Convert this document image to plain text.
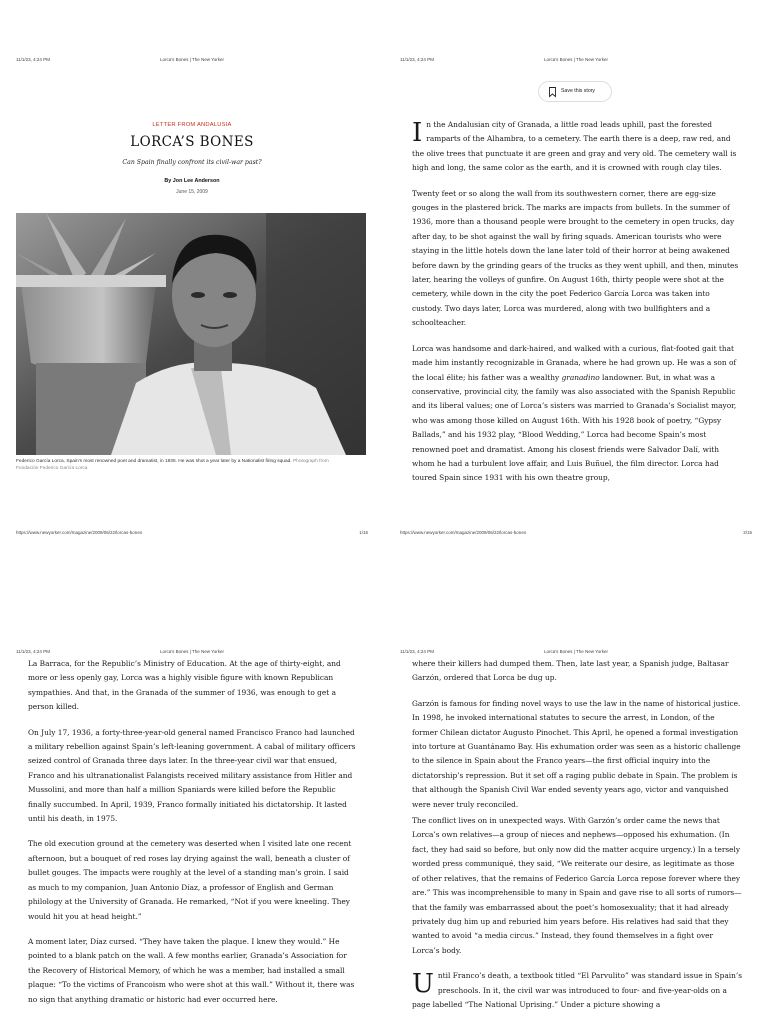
11/1/23, 4:24 PM	Lorca’s Bones | The New Yorker
LETTER FROM ANDALUSIA
LORCA’S BONES
Can Spain finally confront its civil-war past?
By Jon Lee Anderson
June 15, 2009
Federico García Lorca, Spain’s most renowned poet and dramatist, in 1935. He was shot a year later by a Nationalist firing squad. Photograph from Fundación Federico García Lorca
https://www.newyorker.com/magazine/2009/06/22/lorcas-bones	1/15
11/1/23, 4:24 PM	Lorca’s Bones | The New Yorker
Save this story

In the Andalusian city of Granada, a little road leads uphill, past the forested ramparts of the Alhambra, to a cemetery. The earth there is a deep, raw red, and the olive trees that punctuate it are green and gray and very old. The cemetery wall is high and long, the same color as the earth, and it is crowned with rough clay tiles.

Twenty feet or so along the wall from its southwestern corner, there are egg-size gouges in the plastered brick. The marks are impacts from bullets. In the summer of 1936, more than a thousand people were brought to the cemetery in open trucks, day after day, to be shot against the wall by firing squads. American tourists who were staying in the little hotels down the lane later told of their horror at being awakened before dawn by the grinding gears of the trucks as they went uphill, and then, minutes later, hearing the volleys of gunfire. On August 16th, thirty people were shot at the cemetery, while down in the city the poet Federico García Lorca was taken into custody. Two days later, Lorca was murdered, along with two bullfighters and a schoolteacher.

Lorca was handsome and dark-haired, and walked with a curious, flat-footed gait that made him instantly recognizable in Granada, where he had grown up. He was a son of the local élite; his father was a wealthy granadino landowner. But, in what was a conservative, provincial city, the family was also associated with the Spanish Republic and its liberal values; one of Lorca’s sisters was married to Granada’s Socialist mayor, who was among those killed on August 16th. With his 1928 book of poetry, “Gypsy Ballads,” and his 1932 play, “Blood Wedding,” Lorca had become Spain’s most renowned poet and dramatist. Among his closest friends were Salvador Dalí, with whom he had a turbulent love affair, and Luis Buñuel, the film director. Lorca had toured Spain since 1931 with his own theatre group,

https://www.newyorker.com/magazine/2009/06/22/lorcas-bones	2/15
11/1/23, 4:24 PM	Lorca’s Bones | The New Yorker

La Barraca, for the Republic’s Ministry of Education. At the age of thirty-eight, and more or less openly gay, Lorca was a highly visible figure with known Republican sympathies. And that, in the Granada of the summer of 1936, was enough to get a person killed.

On July 17, 1936, a forty-three-year-old general named Francisco Franco had launched a military rebellion against Spain’s left-leaning government. A cabal of military officers seized control of Granada three days later. In the three-year civil war that ensued, Franco and his ultranationalist Falangists received military assistance from Hitler and Mussolini, and more than half a million Spaniards were killed before the Republic finally succumbed. In April, 1939, Franco formally initiated his dictatorship. It lasted until his death, in 1975.

The old execution ground at the cemetery was deserted when I visited late one recent afternoon, but a bouquet of red roses lay drying against the wall, beneath a cluster of bullet gouges. The impacts were roughly at the level of a standing man’s groin. I said as much to my companion, Juan Antonio Díaz, a professor of English and German philology at the University of Granada. He remarked, “Not if you were kneeling. They would hit you at head height.”

A moment later, Díaz cursed. “They have taken the plaque. I knew they would.” He pointed to a blank patch on the wall. A few months earlier, Granada’s Association for the Recovery of Historical Memory, of which he was a member, had installed a small plaque: “To the victims of Francoism who were shot at this wall.” Without it, there was no sign that anything dramatic or historic had ever occurred here.

11/1/23, 4:24 PM	Lorca’s Bones | The New Yorker

where their killers had dumped them. Then, late last year, a Spanish judge, Baltasar Garzón, ordered that Lorca be dug up.

Garzón is famous for finding novel ways to use the law in the name of historical justice. In 1998, he invoked international statutes to secure the arrest, in London, of the former Chilean dictator Augusto Pinochet. This April, he opened a formal investigation into torture at Guantánamo Bay. His exhumation order was seen as a historic challenge to the silence in Spain about the Franco years—the first official inquiry into the dictatorship’s repression. But it set off a raging public debate in Spain. The problem is that although the Spanish Civil War ended seventy years ago, victor and vanquished were never truly reconciled.

The conflict lives on in unexpected ways. With Garzón’s order came the news that Lorca’s own relatives—a group of nieces and nephews—opposed his exhumation. (In fact, they had said so before, but only now did the matter acquire urgency.) In a tersely worded press communiqué, they said, “We reiterate our desire, as legitimate as those of other relatives, that the remains of Federico García Lorca repose forever where they are.” This was incomprehensible to many in Spain and gave rise to all sorts of rumors—that the family was embarrassed about the poet’s homosexuality; that it had already privately dug him up and reburied him years before. His relatives had said that they wanted to avoid “a media circus.” Instead, they found themselves in a fight over Lorca’s body.

Until Franco’s death, a textbook titled “El Parvulito” was standard issue in Spain’s preschools. In it, the civil war was introduced to four- and five-year-olds on a page labelled “The National Uprising.” Under a picture showing a
